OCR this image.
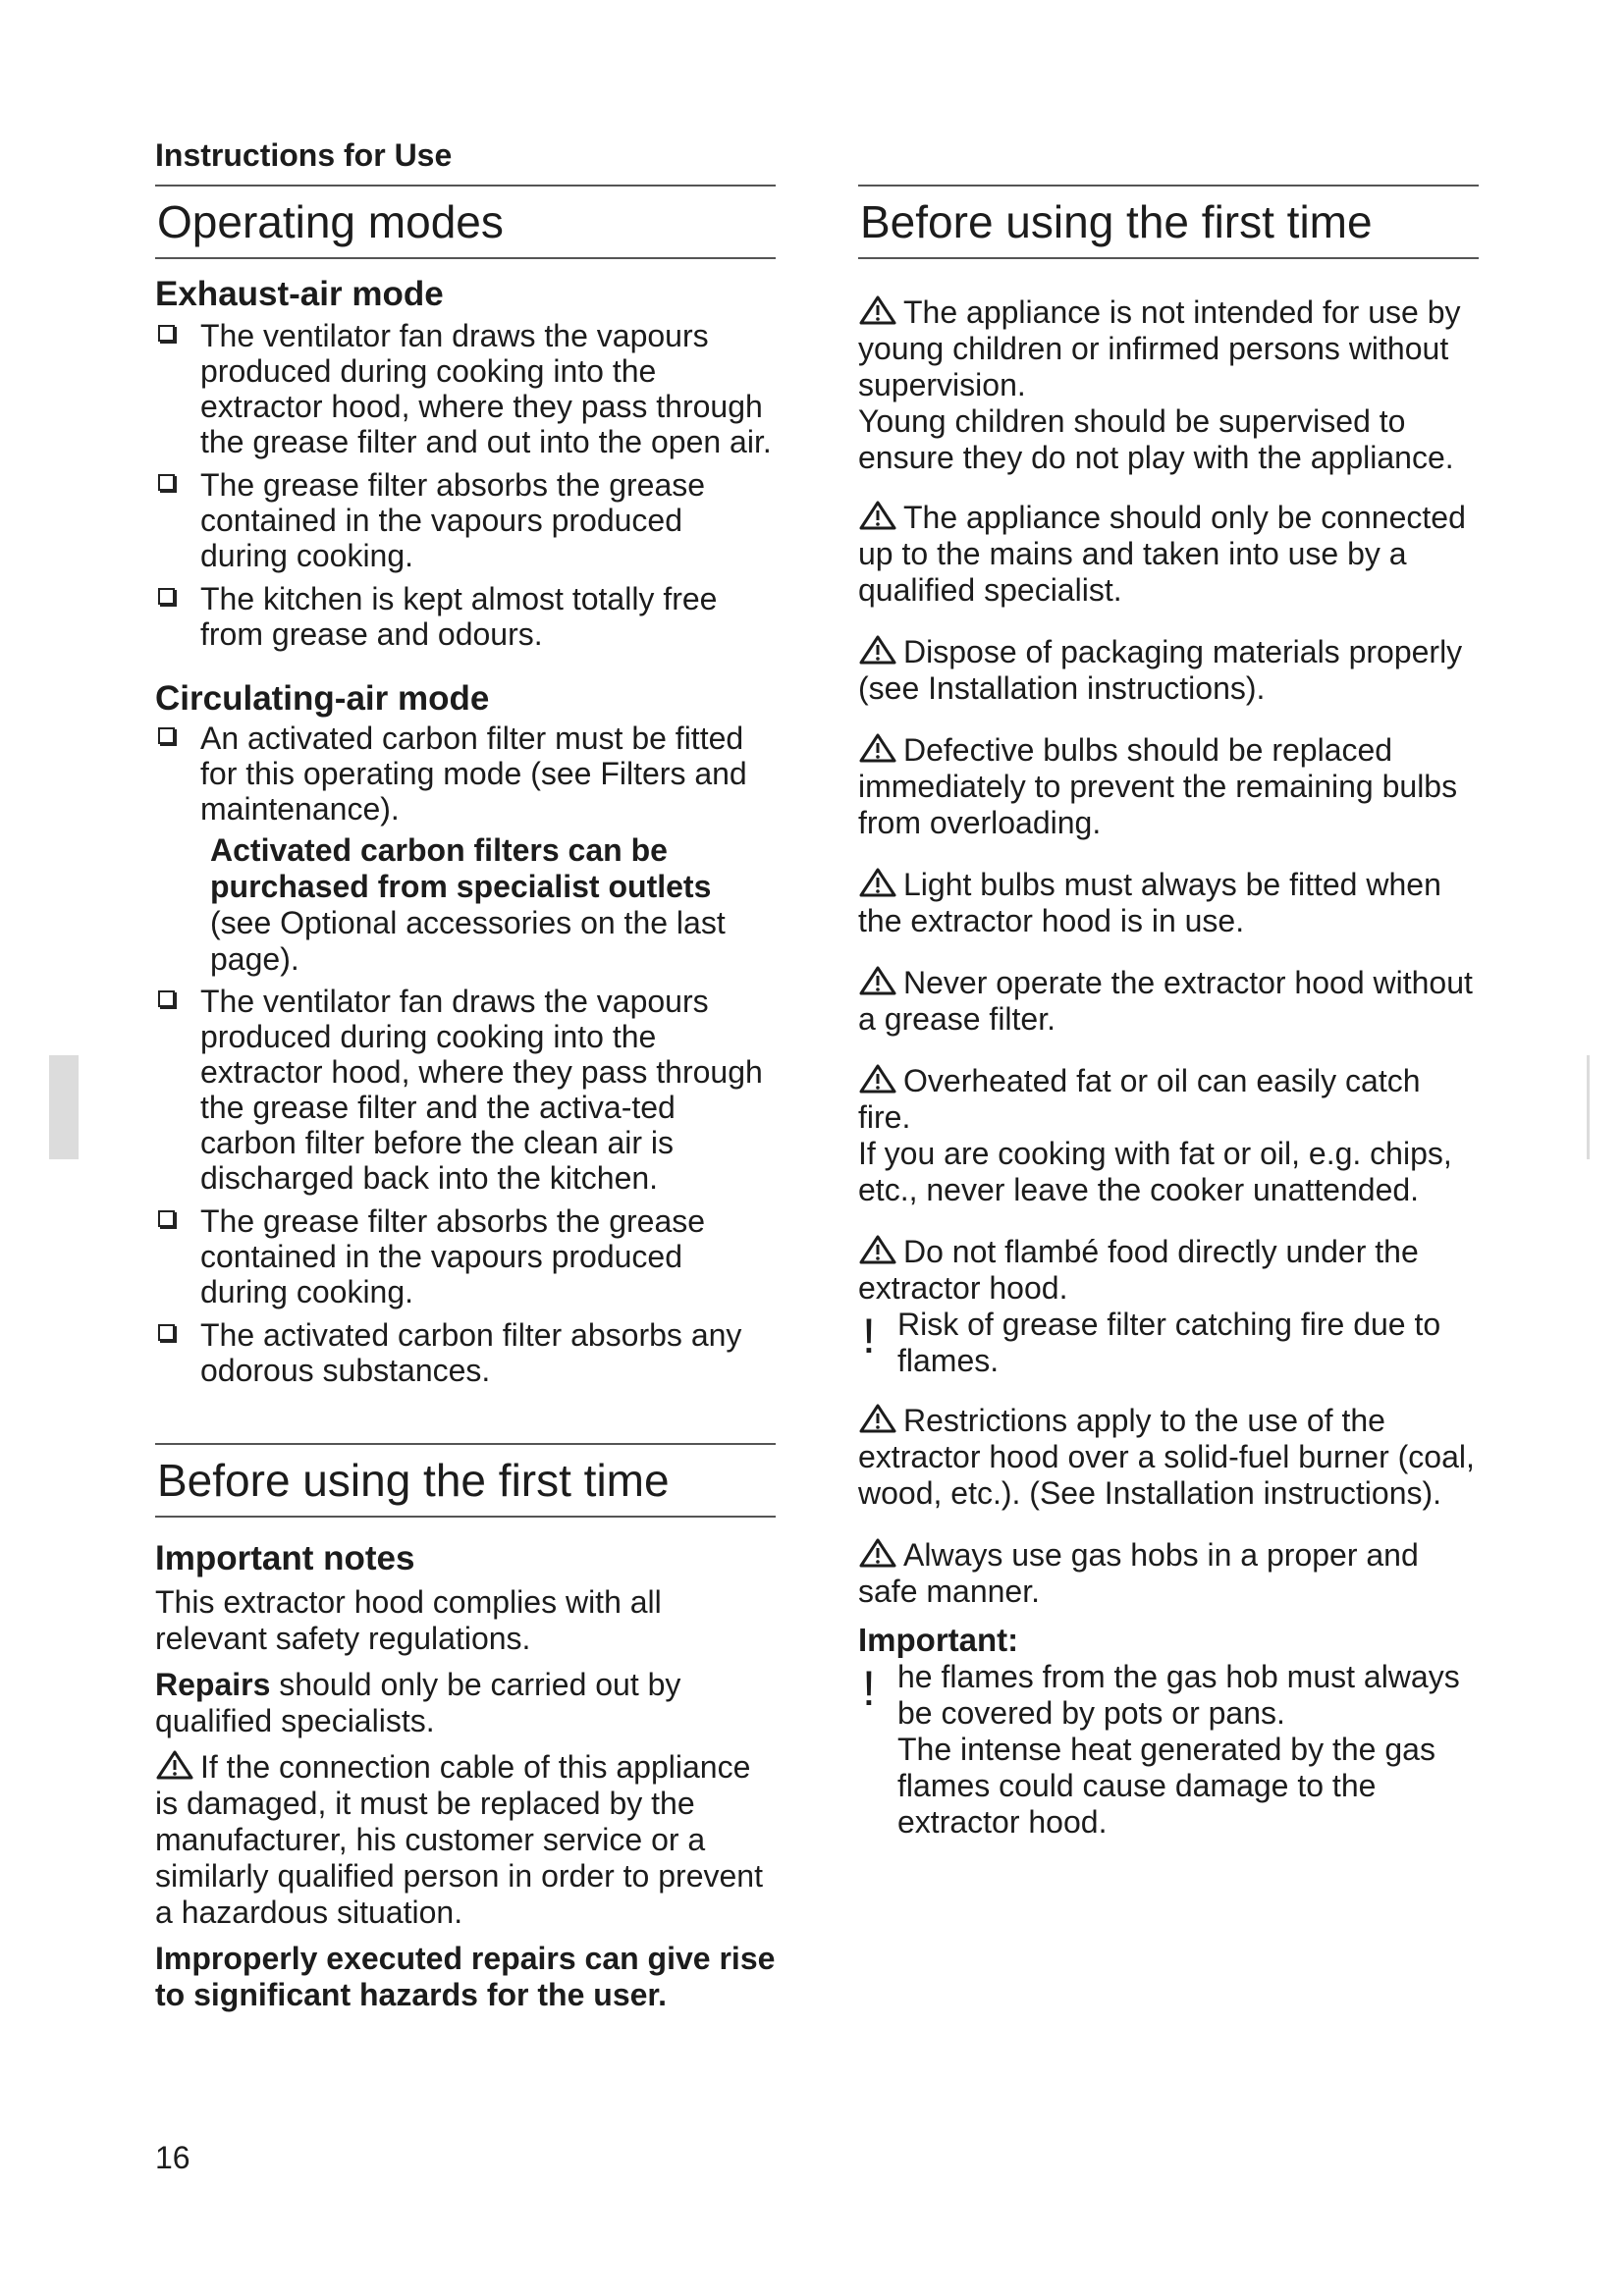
Instructions for Use
Operating modes
Exhaust-air mode
The ventilator fan draws the vapours produced during cooking into the extractor hood, where they pass through the grease filter and out into the open air.
The grease filter absorbs the grease contained in the vapours produced during cooking.
The kitchen is kept almost totally free from grease and odours.
Circulating-air mode
An activated carbon filter must be fitted for this operating mode (see Filters and maintenance).
Activated carbon filters can be purchased from specialist outlets (see Optional accessories on the last page).
The ventilator fan draws the vapours produced during cooking into the extractor hood, where they pass through the grease filter and the activa-ted carbon filter before the clean air is discharged back into the kitchen.
The grease filter absorbs the grease contained in the vapours produced during cooking.
The activated carbon filter absorbs any odorous substances.
Before using the first time
Important notes

This extractor hood complies with all relevant safety regulations.

Repairs should only be carried out by qualified specialists.

If the connection cable of this appliance is damaged, it must be replaced by the manufacturer, his customer service or a similarly qualified person in order to prevent a hazardous situation.

Improperly executed repairs can give rise to significant hazards for the user.

Before using the first time

The appliance is not intended for use by young children or infirmed persons without supervision.

Young children should be supervised to ensure they do not play with the appliance.

The appliance should only be connected up to the mains and taken into use by a qualified specialist.

Dispose of packaging materials properly (see Installation instructions).

Defective bulbs should be replaced immediately to prevent the remaining bulbs from overloading.

Light bulbs must always be fitted when the extractor hood is in use.

Never operate the extractor hood without a grease filter.

Overheated fat or oil can easily catch fire.

If you are cooking with fat or oil, e.g. chips, etc., never leave the cooker unattended.

Do not flambé food directly under the extractor hood.

! Risk of grease filter catching fire due to flames.

Restrictions apply to the use of the extractor hood over a solid-fuel burner (coal, wood, etc.). (See Installation instructions).

Always use gas hobs in a proper and safe manner.

Important:
! he flames from the gas hob must always be covered by pots or pans.

The intense heat generated by the gas flames could cause damage to the extractor hood.

16
